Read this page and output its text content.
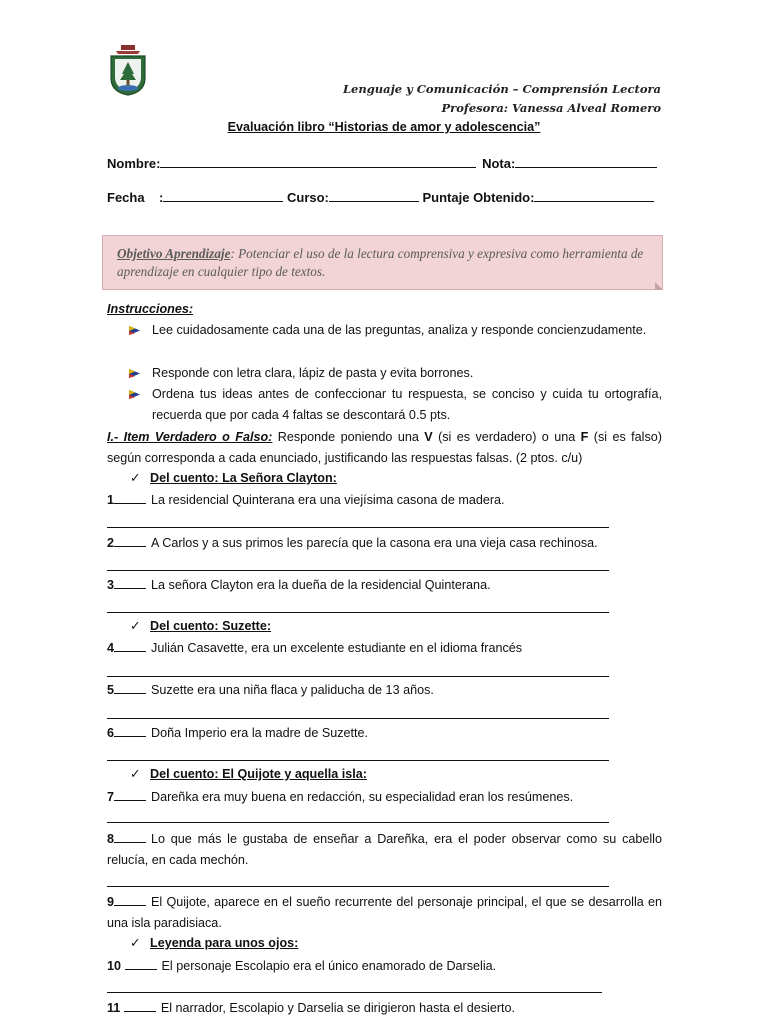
Lenguaje y Comunicación – Comprensión Lectora
Profesora: Vanessa Alveal Romero
Evaluación libro “Historias de amor y adolescencia”
Nombre:	Nota:
Fecha    :	Curso:	Puntaje Obtenido:
Objetivo Aprendizaje: Potenciar el uso de la lectura comprensiva y expresiva como herramienta de aprendizaje en cualquier tipo de textos.
Instrucciones:
Lee cuidadosamente cada una de las preguntas, analiza y responde concienzudamente.
Responde con letra clara, lápiz de pasta y evita borrones.
Ordena tus ideas antes de confeccionar tu respuesta, se conciso y cuida tu ortografía, recuerda que por cada 4 faltas se descontará 0.5 pts.
I.- Item Verdadero o Falso: Responde poniendo una V (si es verdadero) o una F (si es falso) según corresponda a cada enunciado, justificando las respuestas falsas. (2 ptos. c/u)
✓ Del cuento: La Señora Clayton:
1	La residencial Quinterana era una viejísima casona de madera.
2	A Carlos y a sus primos les parecía que la casona era una vieja casa rechinosa.
3	La señora Clayton era la dueña de la residencial Quinterana.
✓ Del cuento: Suzette:
4	Julián Casavette, era un excelente estudiante en el idioma francés
5	Suzette era una niña flaca y paliducha de 13 años.
6	Doña Imperio era la madre de Suzette.
✓ Del cuento: El Quijote y aquella isla:
7	Dareñka era muy buena en redacción, su especialidad eran los resúmenes.
8	Lo que más le gustaba de enseñar a Dareñka, era el poder observar como su cabello relucía, en cada mechón.
9	El Quijote, aparece en el sueño recurrente del personaje principal, el que se desarrolla en una isla paradisiaca.
✓ Leyenda para unos ojos:
10	El personaje Escolapio era el único enamorado de Darselia.
11	El narrador, Escolapio y Darselia se dirigieron hasta el desierto.
